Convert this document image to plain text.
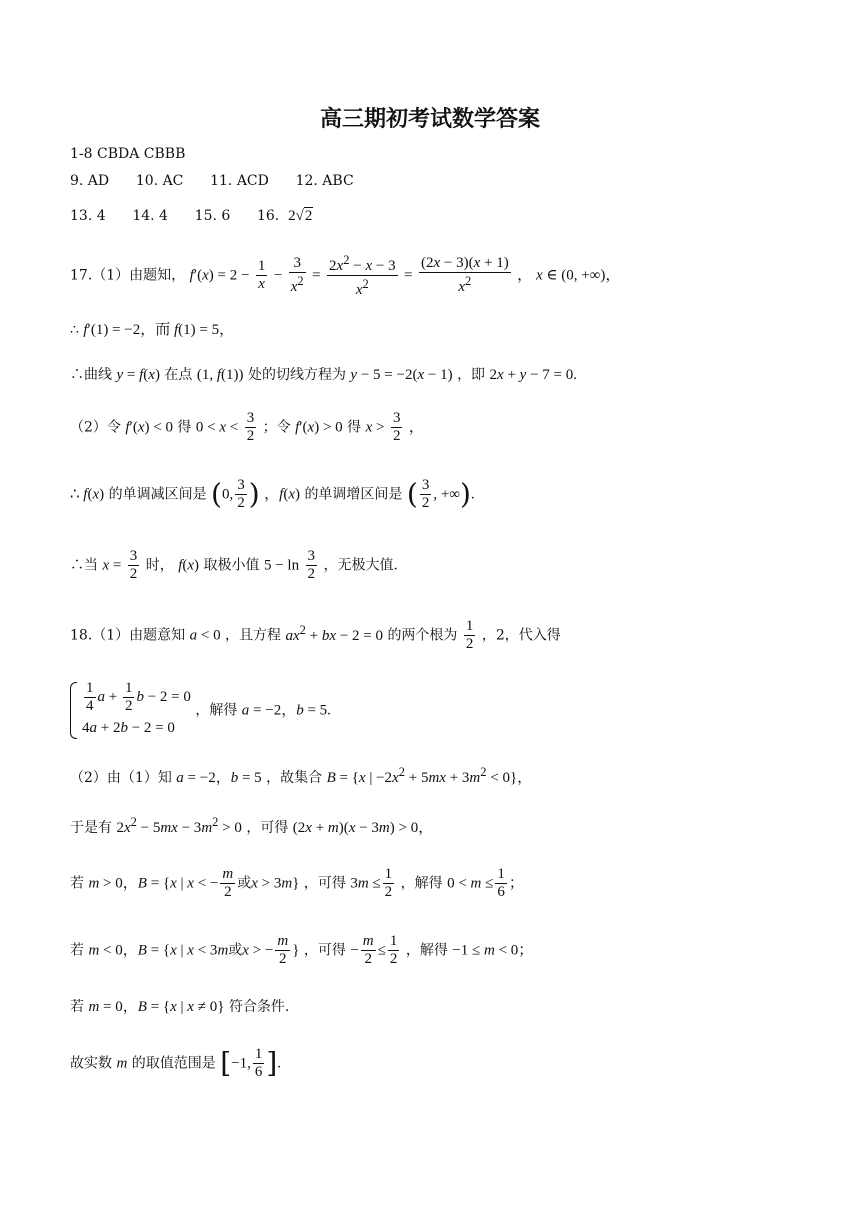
高三期初考试数学答案
1-8 CBDA CBBB
9. AD 10. AC 11. ACD 12. ABC
13. 4 14. 4 15. 6 16. 2√2
17.（1）由题知， $f'(x) = 2 - \frac{1}{x} - \frac{3}{x^2} = \frac{2x^2 - x - 3}{x^2} = \frac{(2x - 3)(x + 1)}{x^2}$ ， x ∈ (0, +∞)，
∴ f′(1) = −2，而 f(1) = 5，
∴曲线 y = f(x) 在点 (1, f(1)) 处的切线方程为 y − 5 = −2(x − 1) ，即 2x + y − 7 = 0.
（2）令 f′(x) < 0 得 $0 < x < \frac{3}{2}$ ；令 f′(x) > 0 得 $x > \frac{3}{2}$ ，
∴ f(x) 的单调减区间是 (0, $\frac{3}{2}$ ) ，f(x) 的单调增区间是 ( $\frac{3}{2}$ , +∞).
∴当 $x = \frac{3}{2}$ 时， f(x) 取极小值 $5 - \ln \frac{3}{2}$ ，无极大值.
18.（1）由题意知 a < 0 ，且方程 $ax^2$ + bx − 2 = 0 的两个根为 $\frac{1}{2}$ ，2，代入得
$\frac{1}{4}$ $a + \frac{1}{2}$ b − 2 = 0
4a + 2b − 2 = 0
，解得 a = −2，b = 5.
（2）由（1）知 a = −2，b = 5 ，故集合 B = {x | $-2x^2 + 5mx + 3m^2 < 0$}，
于是有 $2x^2 - 5mx - 3m^2 > 0$ ，可得 (2x + m)(x − 3m) > 0，
若 m > 0，B = {x | x < − $\frac{m}{2}$ 或x > 3m} ，可得 $3m \le \frac{1}{2}$ ，解得 $0 < m \le \frac{1}{6}$ ；
若 m < 0，B = {x | x < 3m或x > − $\frac{m}{2}$ } ，可得 − $\frac{m}{2} \le \frac{1}{2}$ ，解得 −1 ≤ m < 0；
若 m = 0，B = {x | x ≠ 0} 符合条件.
故实数 m 的取值范围是 [−1, $\frac{1}{6}$ ].
